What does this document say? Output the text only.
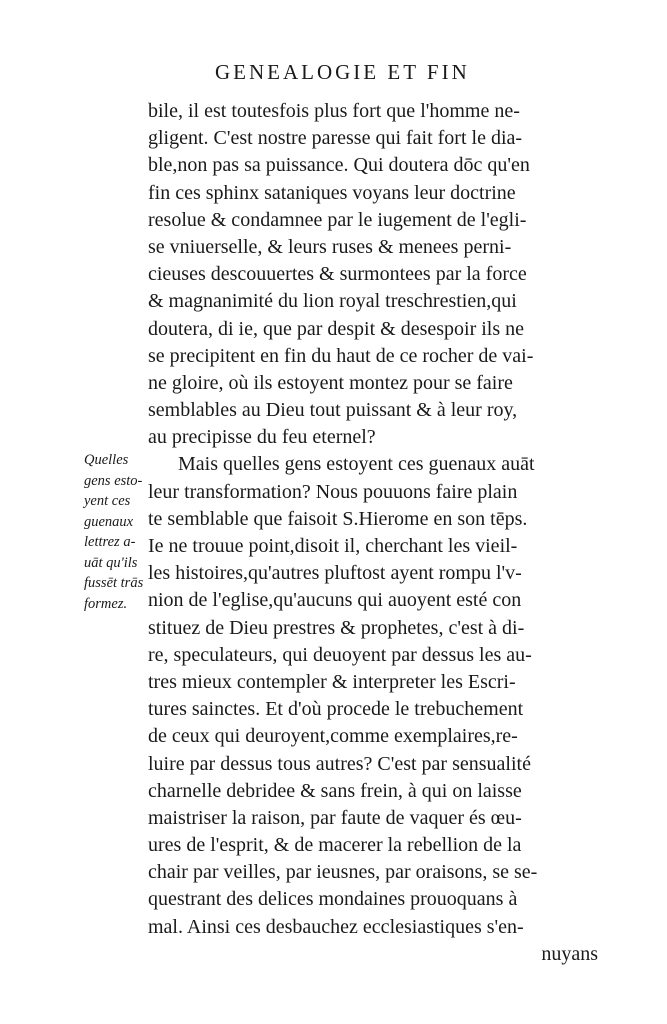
GENEALOGIE ET FIN
bile, il est toutesfois plus fort que l'homme ne-
gligent. C'est nostre paresse qui fait fort le dia-
ble,non pas sa puissance. Qui doutera dōc qu'en
fin ces sphinx sataniques voyans leur doctrine
resolue & condamnee par le iugement de l'egli-
se vniuerselle, & leurs ruses & menees perni-
cieuses descouuertes & surmontees par la force
& magnanimité du lion royal treschrestien,qui
doutera, di ie, que par despit & desespoir ils ne
se precipitent en fin du haut de ce rocher de vai-
ne gloire, où ils estoyent montez pour se faire
semblables au Dieu tout puissant & à leur roy,
au precipisse du feu eternel?
Mais quelles gens estoyent ces guenaux auāt
leur transformation? Nous pouuons faire plain
te semblable que faisoit S.Hierome en son tēps.
Ie ne trouue point,disoit il, cherchant les vieil-
les histoires,qu'autres pluftost ayent rompu l'v-
nion de l'eglise,qu'aucuns qui auoyent esté con
stituez de Dieu prestres & prophetes, c'est à di-
re, speculateurs, qui deuoyent par dessus les au-
tres mieux contempler & interpreter les Escri-
tures sainctes. Et d'où procede le trebuchement
de ceux qui deuroyent,comme exemplaires,re-
luire par dessus tous autres? C'est par sensualité
charnelle debridee & sans frein, à qui on laisse
maistriser la raison, par faute de vaquer és œu-
ures de l'esprit, & de macerer la rebellion de la
chair par veilles, par ieusnes, par oraisons, se se-
questrant des delices mondaines prouoquans à
mal. Ainsi ces desbauchez ecclesiastiques s'en-
nuyans
Quelles
gens esto-
yent ces
guenaux
lettrez a-
uāt qu'ils
fussēt trās
formez.
